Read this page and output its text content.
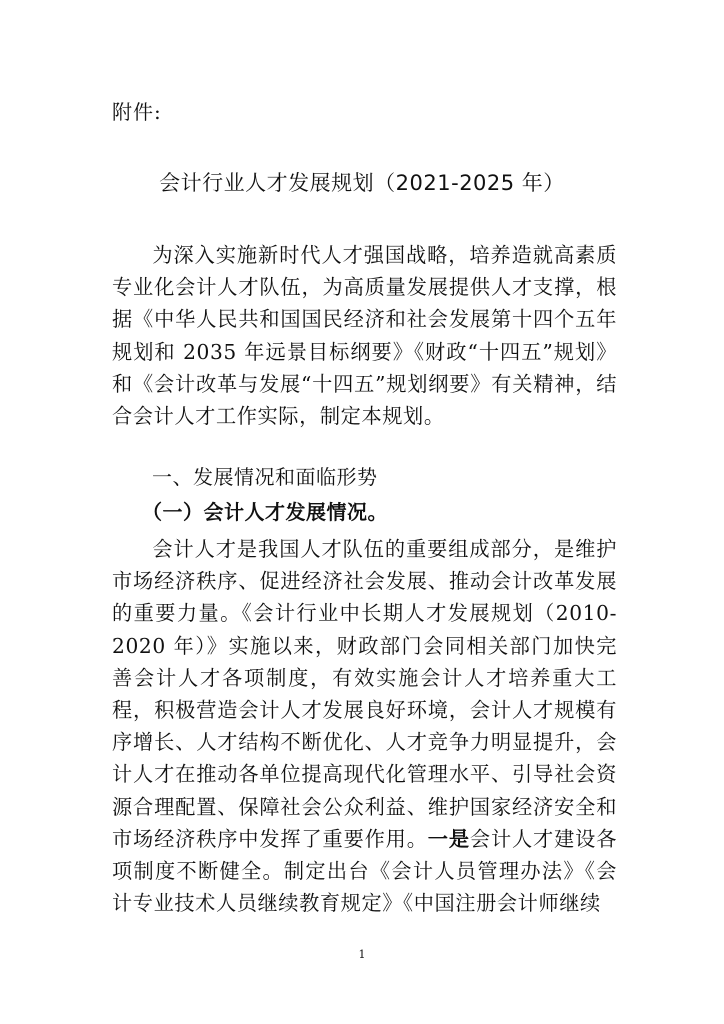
附件:
会计行业人才发展规划（2021-2025 年）

为深入实施新时代人才强国战略，培养造就高素质专业化会计人才队伍，为高质量发展提供人才支撑，根据《中华人民共和国国民经济和社会发展第十四个五年规划和 2035 年远景目标纲要》《财政“十四五”规划》和《会计改革与发展“十四五”规划纲要》有关精神，结合会计人才工作实际，制定本规划。

一、发展情况和面临形势
（一）会计人才发展情况。

会计人才是我国人才队伍的重要组成部分，是维护市场经济秩序、促进经济社会发展、推动会计改革发展的重要力量。《会计行业中长期人才发展规划（2010-2020 年）》实施以来，财政部门会同相关部门加快完善会计人才各项制度，有效实施会计人才培养重大工程，积极营造会计人才发展良好环境，会计人才规模有序增长、人才结构不断优化、人才竞争力明显提升，会计人才在推动各单位提高现代化管理水平、引导社会资源合理配置、保障社会公众利益、维护国家经济安全和市场经济秩序中发挥了重要作用。一是会计人才建设各项制度不断健全。制定出台《会计人员管理办法》《会计专业技术人员继续教育规定》《中国注册会计师继续

1
